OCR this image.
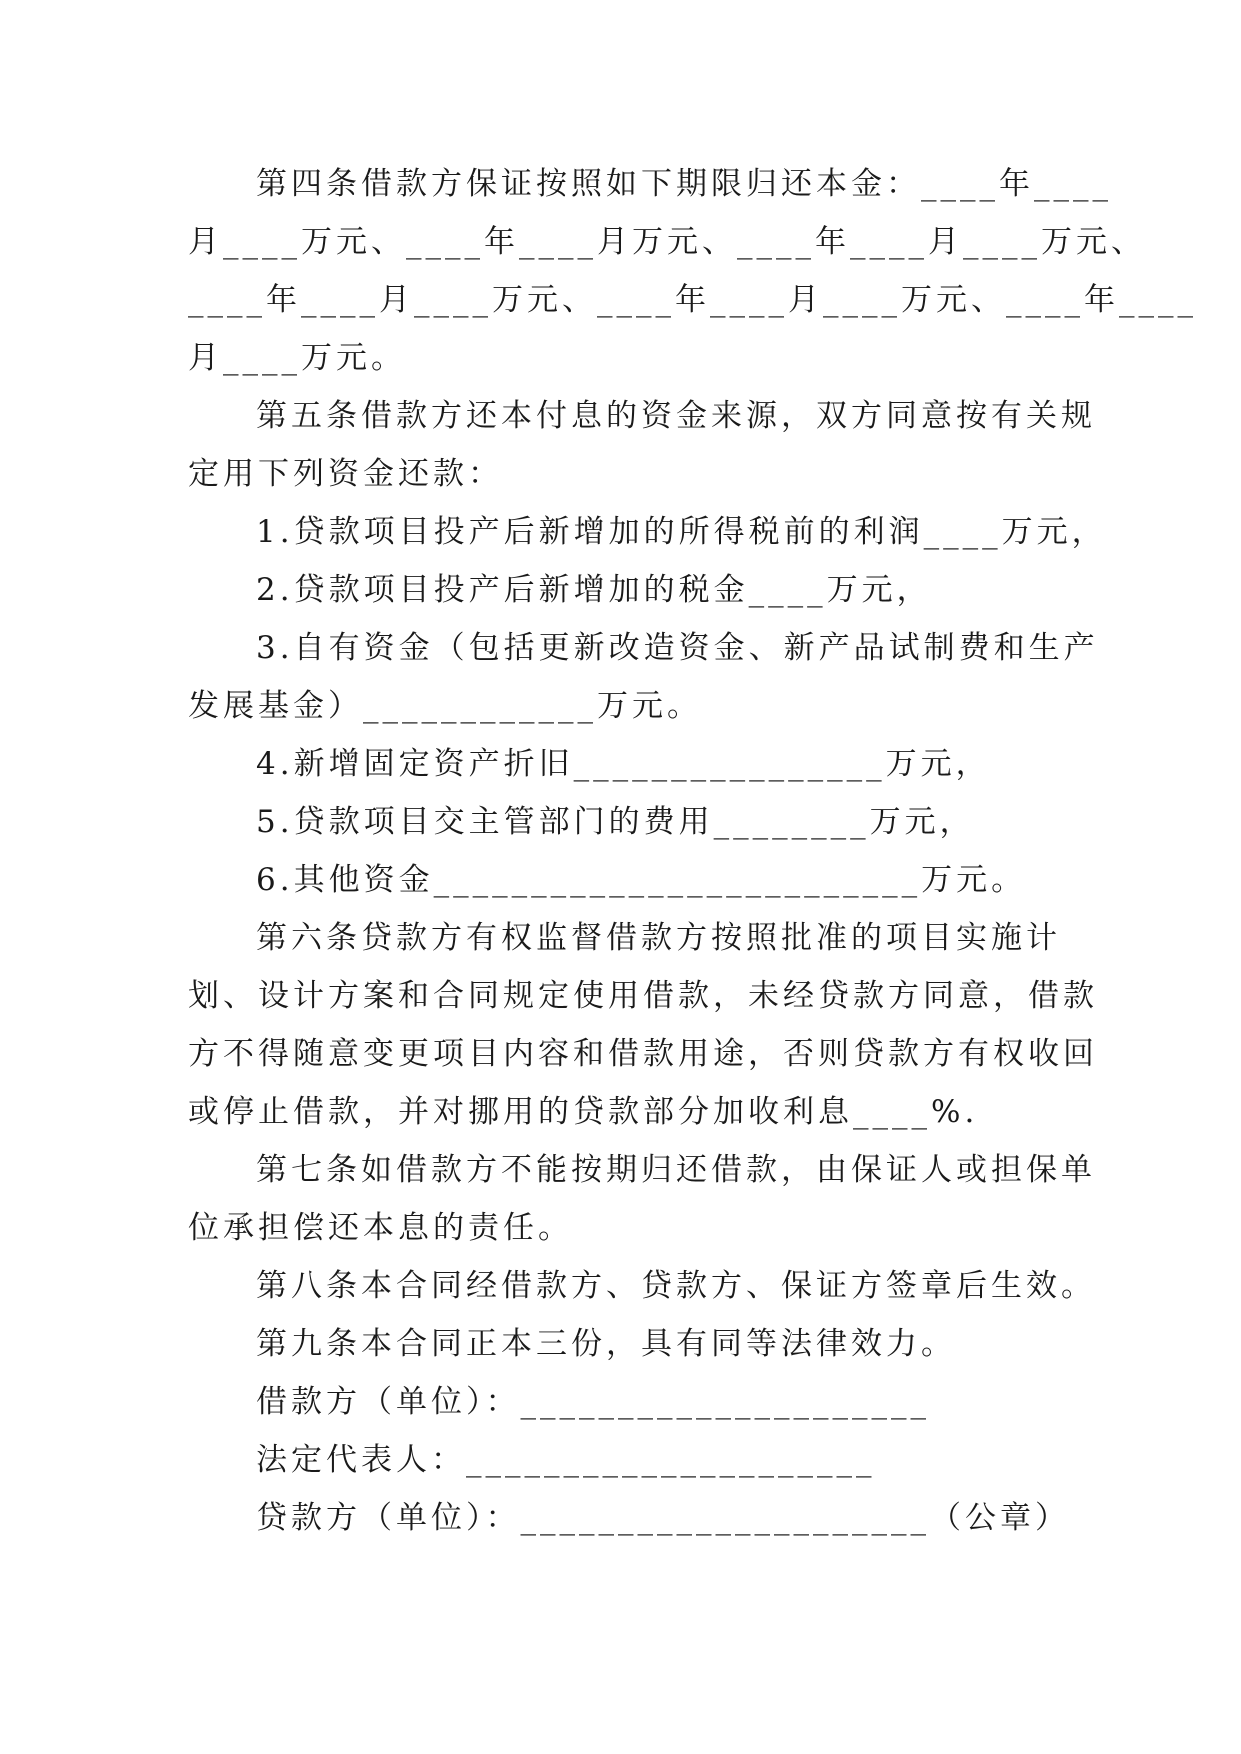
第四条借款方保证按照如下期限归还本金：____年____
月____万元、____年____月万元、____年____月____万元、
____年____月____万元、____年____月____万元、____年____
月____万元。
第五条借款方还本付息的资金来源，双方同意按有关规
定用下列资金还款：
1.贷款项目投产后新增加的所得税前的利润____万元，
2.贷款项目投产后新增加的税金____万元，
3.自有资金（包括更新改造资金、新产品试制费和生产
发展基金）____________万元。
4.新增固定资产折旧________________万元，
5.贷款项目交主管部门的费用________万元，
6.其他资金_________________________万元。
第六条贷款方有权监督借款方按照批准的项目实施计
划、设计方案和合同规定使用借款，未经贷款方同意，借款
方不得随意变更项目内容和借款用途，否则贷款方有权收回
或停止借款，并对挪用的贷款部分加收利息____%.
第七条如借款方不能按期归还借款，由保证人或担保单
位承担偿还本息的责任。
第八条本合同经借款方、贷款方、保证方签章后生效。
第九条本合同正本三份，具有同等法律效力。
借款方（单位）：_____________________
法定代表人：_____________________
贷款方（单位）：_____________________（公章）
